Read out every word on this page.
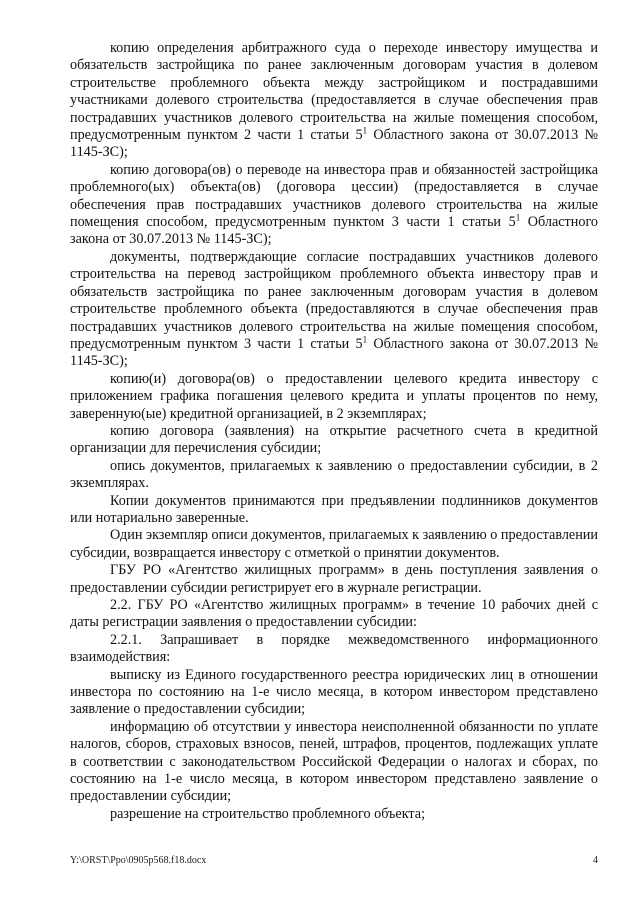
копию определения арбитражного суда о переходе инвестору имущества и обязательств застройщика по ранее заключенным договорам участия в долевом строительстве проблемного объекта между застройщиком и пострадавшими участниками долевого строительства (предоставляется в случае обеспечения прав пострадавших участников долевого строительства на жилые помещения способом, предусмотренным пунктом 2 части 1 статьи $5^1$ Областного закона от 30.07.2013 № 1145-ЗС);

копию договора(ов) о переводе на инвестора прав и обязанностей застройщика проблемного(ых) объекта(ов) (договора цессии) (предоставляется в случае обеспечения прав пострадавших участников долевого строительства на жилые помещения способом, предусмотренным пунктом 3 части 1 статьи $5^1$ Областного закона от 30.07.2013 № 1145-ЗС);

документы, подтверждающие согласие пострадавших участников долевого строительства на перевод застройщиком проблемного объекта инвестору прав и обязательств застройщика по ранее заключенным договорам участия в долевом строительстве проблемного объекта (предоставляются в случае обеспечения прав пострадавших участников долевого строительства на жилые помещения способом, предусмотренным пунктом 3 части 1 статьи $5^1$ Областного закона от 30.07.2013 № 1145-ЗС);

копию(и) договора(ов) о предоставлении целевого кредита инвестору с приложением графика погашения целевого кредита и уплаты процентов по нему, заверенную(ые) кредитной организацией, в 2 экземплярах;

копию договора (заявления) на открытие расчетного счета в кредитной организации для перечисления субсидии;

опись документов, прилагаемых к заявлению о предоставлении субсидии, в 2 экземплярах.

Копии документов принимаются при предъявлении подлинников документов или нотариально заверенные.

Один экземпляр описи документов, прилагаемых к заявлению о предоставлении субсидии, возвращается инвестору с отметкой о принятии документов.

ГБУ РО «Агентство жилищных программ» в день поступления заявления о предоставлении субсидии регистрирует его в журнале регистрации.

2.2. ГБУ РО «Агентство жилищных программ» в течение 10 рабочих дней с даты регистрации заявления о предоставлении субсидии:

2.2.1. Запрашивает в порядке межведомственного информационного взаимодействия:

выписку из Единого государственного реестра юридических лиц в отношении инвестора по состоянию на 1-е число месяца, в котором инвестором представлено заявление о предоставлении субсидии;

информацию об отсутствии у инвестора неисполненной обязанности по уплате налогов, сборов, страховых взносов, пеней, штрафов, процентов, подлежащих уплате в соответствии с законодательством Российской Федерации о налогах и сборах, по состоянию на 1-е число месяца, в котором инвестором представлено заявление о предоставлении субсидии;

разрешение на строительство проблемного объекта;

Y:\ORST\Ppo\0905p568.f18.docx	4
